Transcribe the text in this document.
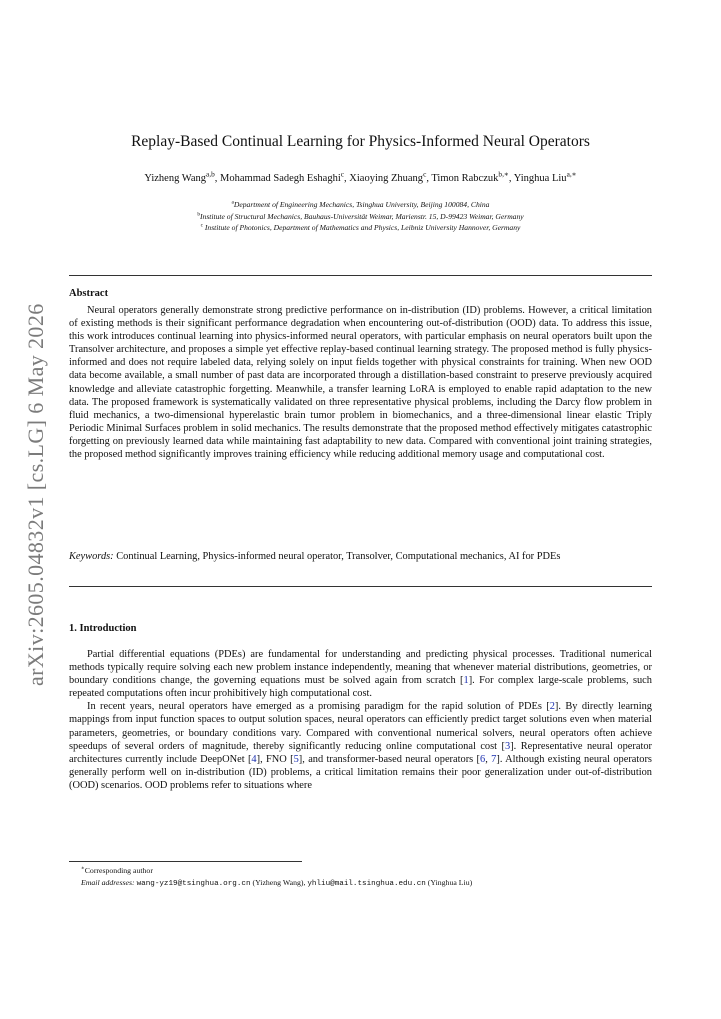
arXiv:2605.04832v1 [cs.LG] 6 May 2026
Replay-Based Continual Learning for Physics-Informed Neural Operators
Yizheng Wang$^{a,b}$, Mohammad Sadegh Eshaghi$^c$, Xiaoying Zhuang$^c$, Timon Rabczuk$^{b,∗}$, Yinghua Liu$^{a,∗}$
$^a$Department of Engineering Mechanics, Tsinghua University, Beijing 100084, China
$^b$Institute of Structural Mechanics, Bauhaus-Universität Weimar, Marienstr. 15, D-99423 Weimar, Germany
$^c$ Institute of Photonics, Department of Mathematics and Physics, Leibniz University Hannover, Germany
Abstract
Neural operators generally demonstrate strong predictive performance on in-distribution (ID) problems. However, a critical limitation of existing methods is their significant performance degradation when encountering out-of-distribution (OOD) data. To address this issue, this work introduces continual learning into physics-informed neural operators, with particular emphasis on neural operators built upon the Transolver architecture, and proposes a simple yet effective replay-based continual learning strategy. The proposed method is fully physics-informed and does not require labeled data, relying solely on input fields together with physical constraints for training. When new OOD data become available, a small number of past data are incorporated through a distillation-based constraint to preserve previously acquired knowledge and alleviate catastrophic forgetting. Meanwhile, a transfer learning LoRA is employed to enable rapid adaptation to the new data. The proposed framework is systematically validated on three representative physical problems, including the Darcy flow problem in fluid mechanics, a two-dimensional hyperelastic brain tumor problem in biomechanics, and a three-dimensional linear elastic Triply Periodic Minimal Surfaces problem in solid mechanics. The results demonstrate that the proposed method effectively mitigates catastrophic forgetting on previously learned data while maintaining fast adaptability to new data. Compared with conventional joint training strategies, the proposed method significantly improves training efficiency while reducing additional memory usage and computational cost.
Keywords: Continual Learning, Physics-informed neural operator, Transolver, Computational mechanics, AI for PDEs
1. Introduction

Partial differential equations (PDEs) are fundamental for understanding and predicting physical processes. Traditional numerical methods typically require solving each new problem instance independently, meaning that whenever material distributions, geometries, or boundary conditions change, the governing equations must be solved again from scratch [1]. For complex large-scale problems, such repeated computations often incur prohibitively high computational cost.

In recent years, neural operators have emerged as a promising paradigm for the rapid solution of PDEs [2]. By directly learning mappings from input function spaces to output solution spaces, neural operators can efficiently predict target solutions even when material parameters, geometries, or boundary conditions vary. Compared with conventional numerical solvers, neural operators often achieve speedups of several orders of magnitude, thereby significantly reducing online computational cost [3]. Representative neural operator architectures currently include DeepONet [4], FNO [5], and transformer-based neural operators [6, 7]. Although existing neural operators generally perform well on in-distribution (ID) problems, a critical limitation remains their poor generalization under out-of-distribution (OOD) scenarios. OOD problems refer to situations where

∗Corresponding author
Email addresses: wang-yz19@tsinghua.org.cn (Yizheng Wang), yhliu@mail.tsinghua.edu.cn (Yinghua Liu)
